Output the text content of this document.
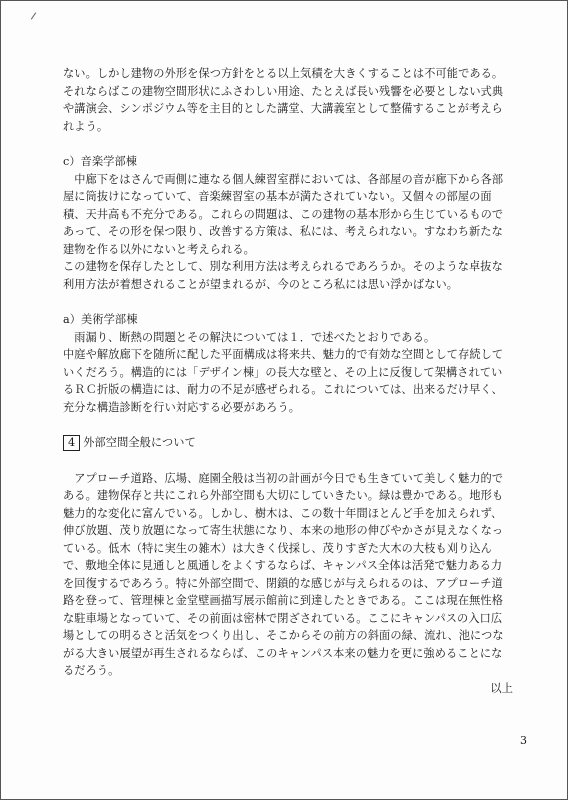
ない。しかし建物の外形を保つ方針をとる以上気積を大きくすることは不可能である。それならばこの建物空間形状にふさわしい用途、たとえば長い残響を必要としない式典や講演会、シンポジウム等を主目的とした講堂、大講義室として整備することが考えられよう。

c）音楽学部棟

中廊下をはさんで両側に連なる個人練習室群においては、各部屋の音が廊下から各部屋に筒抜けになっていて、音楽練習室の基本が満たされていない。又個々の部屋の面積、天井高も不充分である。これらの問題は、この建物の基本形から生じているものであって、その形を保つ限り、改善する方策は、私には、考えられない。すなわち新たな建物を作る以外にないと考えられる。

この建物を保存したとして、別な利用方法は考えられるであろうか。そのような卓抜な利用方法が着想されることが望まれるが、今のところ私には思い浮かばない。

a）美術学部棟

雨漏り、断熱の問題とその解決については１．で述べたとおりである。

中庭や解放廊下を随所に配した平面構成は将来共、魅力的で有効な空間として存続していくだろう。構造的には「デザイン棟」の長大な壁と、その上に反復して架構されているＲＣ折版の構造には、耐力の不足が感ぜられる。これについては、出来るだけ早く、充分な構造診断を行い対応する必要があろう。

4 外部空間全般について

アプローチ道路、広場、庭園全般は当初の計画が今日でも生きていて美しく魅力的である。建物保存と共にこれら外部空間も大切にしていきたい。緑は豊かである。地形も魅力的な変化に富んでいる。しかし、樹木は、この数十年間ほとんど手を加えられず、伸び放題、茂り放題になって寄生状態になり、本来の地形の伸びやかさが見えなくなっている。低木（特に実生の雑木）は大きく伐採し、茂りすぎた大木の大枝も刈り込んで、敷地全体に見通しと風通しをよくするならば、キャンパス全体は活発で魅力ある力を回復するであろう。特に外部空間で、閉鎖的な感じが与えられるのは、アプローチ道路を登って、管理棟と金堂壁画描写展示館前に到達したときである。ここは現在無性格な駐車場となっていて、その前面は密林で閉ざされている。ここにキャンパスの入口広場としての明るさと活気をつくり出し、そこからその前方の斜面の緑、流れ、池につながる大きい展望が再生されるならば、このキャンパス本来の魅力を更に強めることになるだろう。

以上

3
